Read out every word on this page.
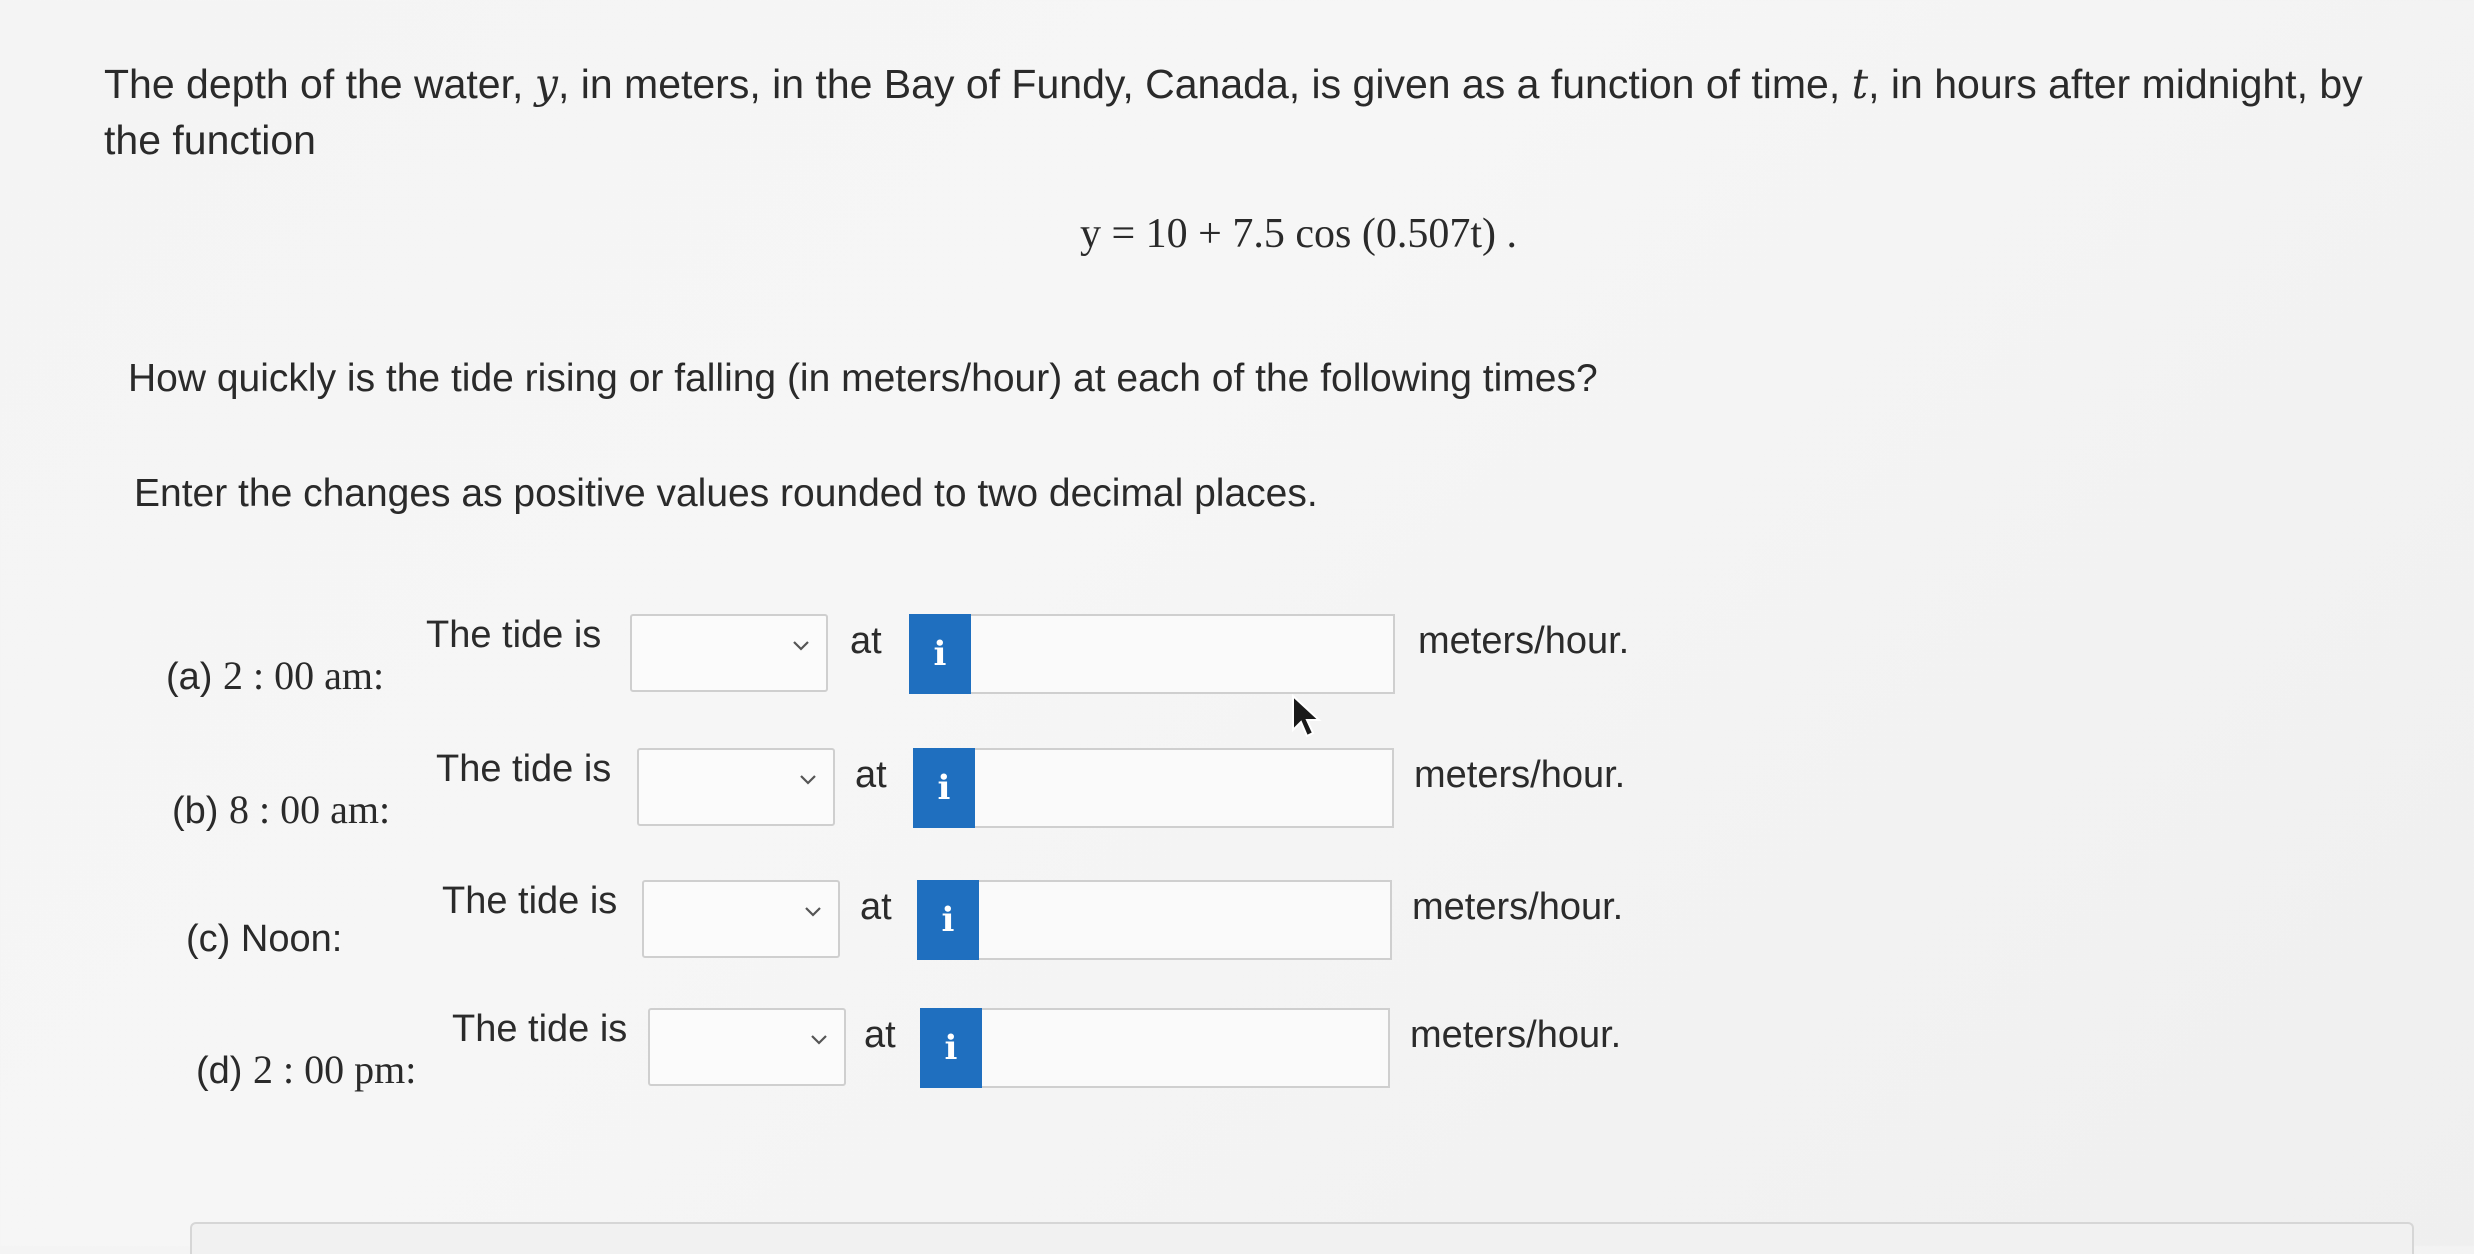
The depth of the water, y, in meters, in the Bay of Fundy, Canada, is given as a function of time, t, in hours after midnight, by the function
y = 10 + 7.5 cos (0.507t) .
How quickly is the tide rising or falling (in meters/hour) at each of the following times?
Enter the changes as positive values rounded to two decimal places.
(a) 2 : 00 am:
The tide is	at	i	meters/hour.
(b) 8 : 00 am:
The tide is	at	i	meters/hour.
(c) Noon:
The tide is	at	i	meters/hour.
(d) 2 : 00 pm:
The tide is	at	i	meters/hour.
